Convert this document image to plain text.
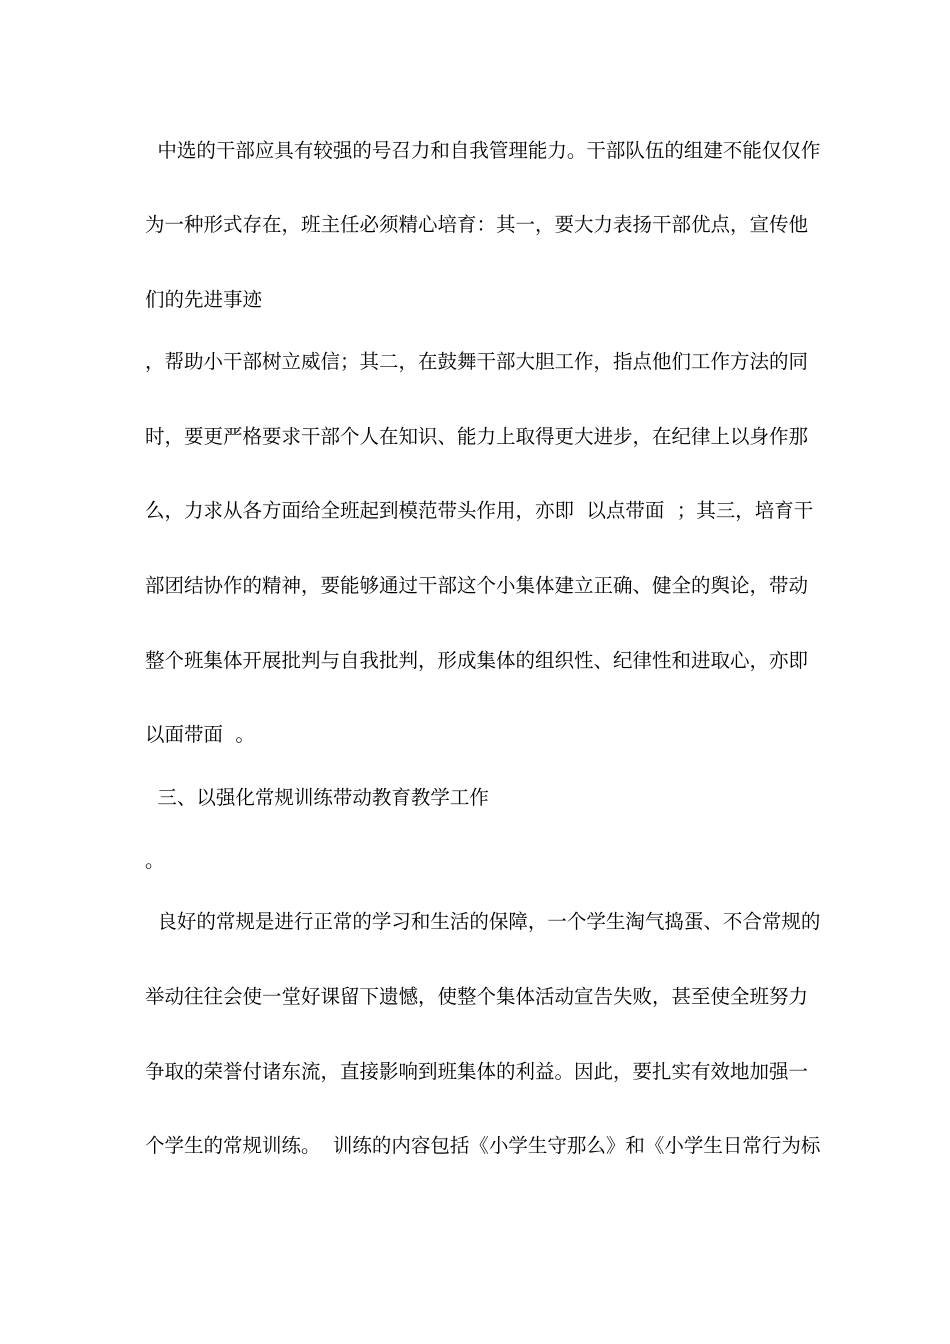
中选的干部应具有较强的号召力和自我管理能力。干部队伍的组建不能仅仅作
为一种形式存在，班主任必须精心培育：其一，要大力表扬干部优点，宣传他
们的先进事迹
，帮助小干部树立威信；其二，在鼓舞干部大胆工作，指点他们工作方法的同
时，要更严格要求干部个人在知识、能力上取得更大进步，在纪律上以身作那
么，力求从各方面给全班起到模范带头作用，亦即  以点带面  ；其三，培育干
部团结协作的精神，要能够通过干部这个小集体建立正确、健全的舆论，带动
整个班集体开展批判与自我批判，形成集体的组织性、纪律性和进取心，亦即
以面带面  。
三、以强化常规训练带动教育教学工作
。
良好的常规是进行正常的学习和生活的保障，一个学生淘气捣蛋、不合常规的
举动往往会使一堂好课留下遗憾，使整个集体活动宣告失败，甚至使全班努力
争取的荣誉付诸东流，直接影响到班集体的利益。因此，要扎实有效地加强一
个学生的常规训练。  训练的内容包括《小学生守那么》和《小学生日常行为标
